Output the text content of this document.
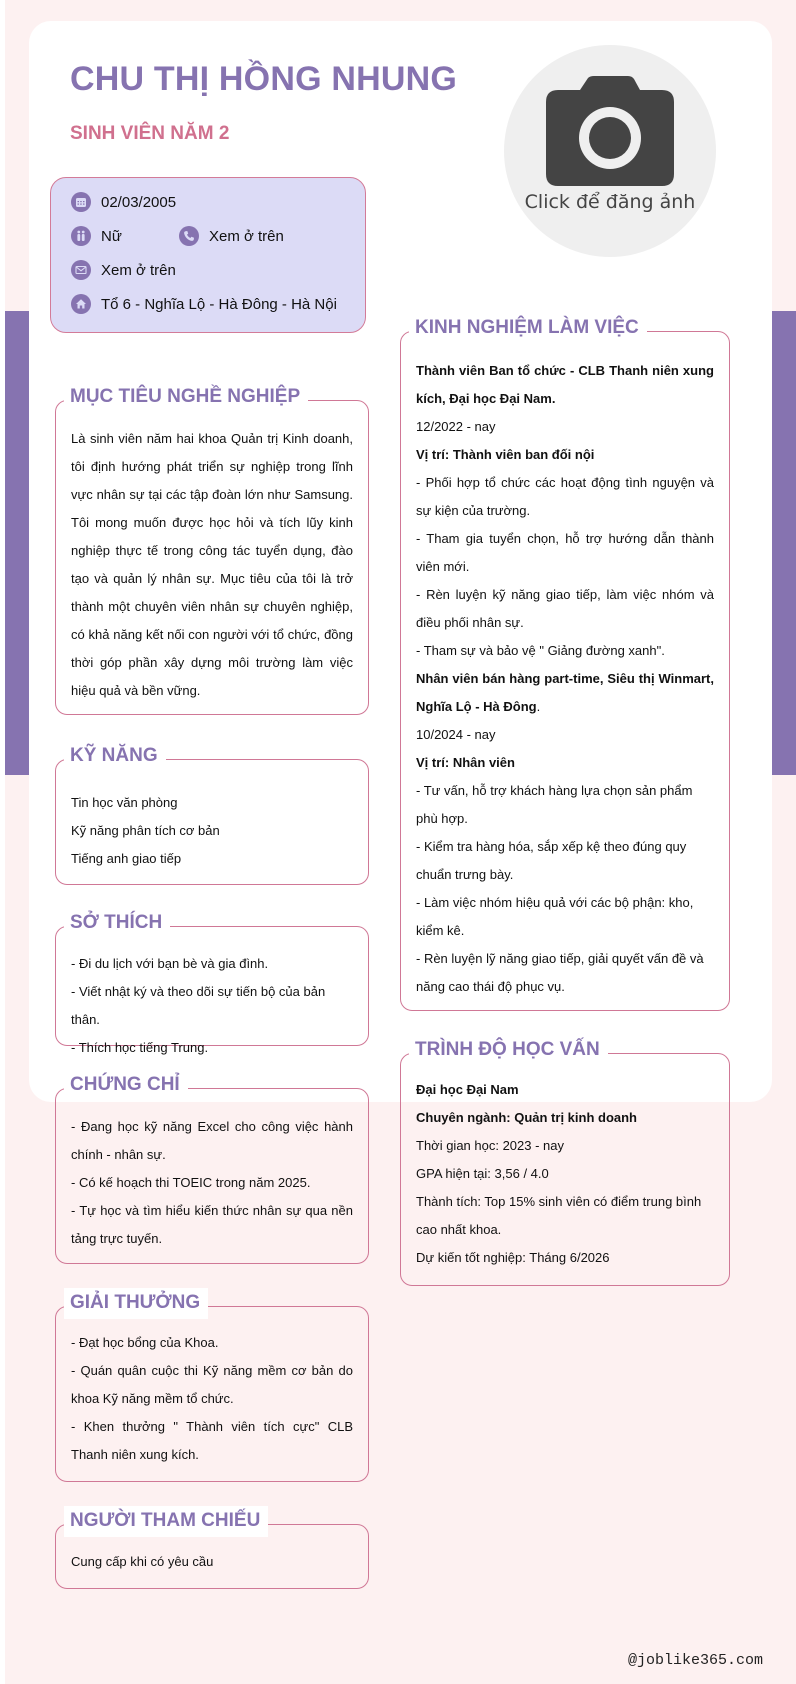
CHU THỊ HỒNG NHUNG
SINH VIÊN NĂM 2
02/03/2005
Nữ	Xem ở trên
Xem ở trên
Tổ 6 - Nghĩa Lộ - Hà Đông - Hà Nội
Click để đăng ảnh
MỤC TIÊU NGHỀ NGHIỆP

Là sinh viên năm hai khoa Quản trị Kinh doanh, tôi định hướng phát triển sự nghiệp trong lĩnh vực nhân sự tại các tập đoàn lớn như Samsung. Tôi mong muốn được học hỏi và tích lũy kinh nghiệp thực tế trong công tác tuyển dụng, đào tạo và quản lý nhân sự. Mục tiêu của tôi là trở thành một chuyên viên nhân sự chuyên nghiệp, có khả năng kết nối con người với tổ chức, đồng thời góp phần xây dựng môi trường làm việc hiệu quả và bền vững.

KỸ NĂNG

Tin học văn phòng

Kỹ năng phân tích cơ bản

Tiếng anh giao tiếp

SỞ THÍCH

- Đi du lịch với bạn bè và gia đình.

- Viết nhật ký và theo dõi sự tiến bộ của bản thân.

- Thích học tiếng Trung.

CHỨNG CHỈ

- Đang học kỹ năng Excel cho công việc hành chính - nhân sự.

- Có kế hoạch thi TOEIC trong năm 2025.

- Tự học và tìm hiểu kiến thức nhân sự qua nền tảng trực tuyến.

GIẢI THƯỞNG

- Đạt học bổng của Khoa.

- Quán quân cuộc thi Kỹ năng mềm cơ bản do khoa Kỹ năng mềm tổ chức.

- Khen thưởng " Thành viên tích cực" CLB Thanh niên xung kích.

NGƯỜI THAM CHIẾU

Cung cấp khi có yêu cầu

KINH NGHIỆM LÀM VIỆC

Thành viên Ban tổ chức - CLB Thanh niên xung kích, Đại học Đại Nam.

12/2022 - nay

Vị trí: Thành viên ban đối nội

- Phối hợp tổ chức các hoạt động tình nguyện và sự kiện của trường.

- Tham gia tuyển chọn, hỗ trợ hướng dẫn thành viên mới.

- Rèn luyện kỹ năng giao tiếp, làm việc nhóm và điều phối nhân sự.

- Tham sự và bảo vệ " Giảng đường xanh".

Nhân viên bán hàng part-time, Siêu thị Winmart, Nghĩa Lộ - Hà Đông.

10/2024 - nay

Vị trí: Nhân viên

- Tư vấn, hỗ trợ khách hàng lựa chọn sản phẩm phù hợp.

- Kiểm tra hàng hóa, sắp xếp kệ theo đúng quy chuẩn trưng bày.

- Làm việc nhóm hiệu quả với các bộ phận: kho, kiểm kê.

- Rèn luyện lỹ năng giao tiếp, giải quyết vấn đề và năng cao thái độ phục vụ.

TRÌNH ĐỘ HỌC VẤN

Đại học Đại Nam

Chuyên ngành: Quản trị kinh doanh

Thời gian học: 2023 - nay

GPA hiện tại: 3,56 / 4.0

Thành tích: Top 15% sinh viên có điểm trung bình cao nhất khoa.

Dự kiến tốt nghiệp: Tháng 6/2026

@joblike365.com
